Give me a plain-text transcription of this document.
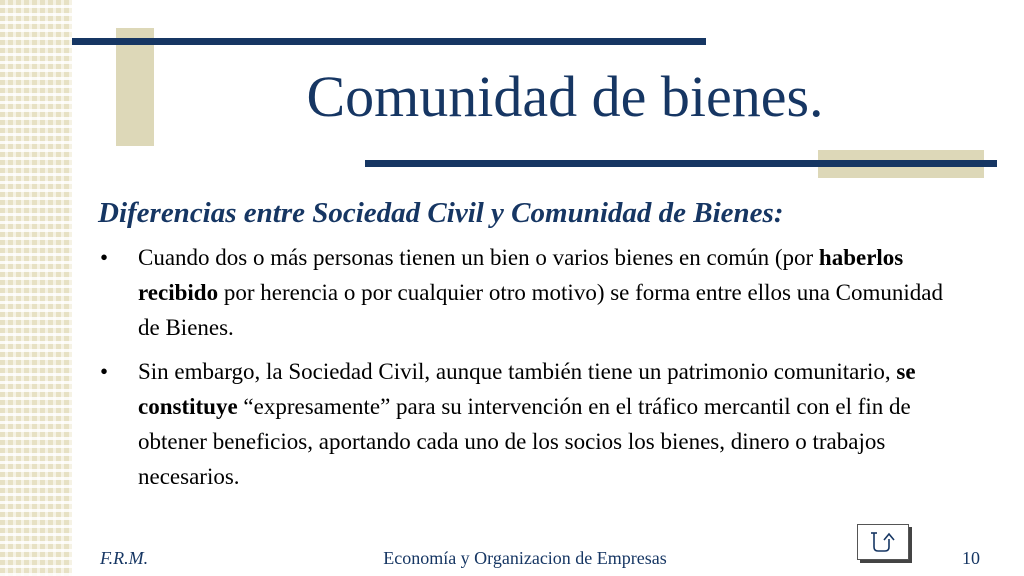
Comunidad de bienes.
Diferencias entre Sociedad Civil y Comunidad de Bienes:
• Cuando dos o más personas tienen un bien o varios bienes en común (por haberlos recibido por herencia o por cualquier otro motivo) se forma entre ellos una Comunidad de Bienes.
• Sin embargo, la Sociedad Civil, aunque también tiene un patrimonio comunitario, se constituye “expresamente” para su intervención en el tráfico mercantil con el fin de obtener beneficios, aportando cada uno de los socios los bienes, dinero o trabajos necesarios.
F.R.M.	Economía y Organizacion de Empresas	10
